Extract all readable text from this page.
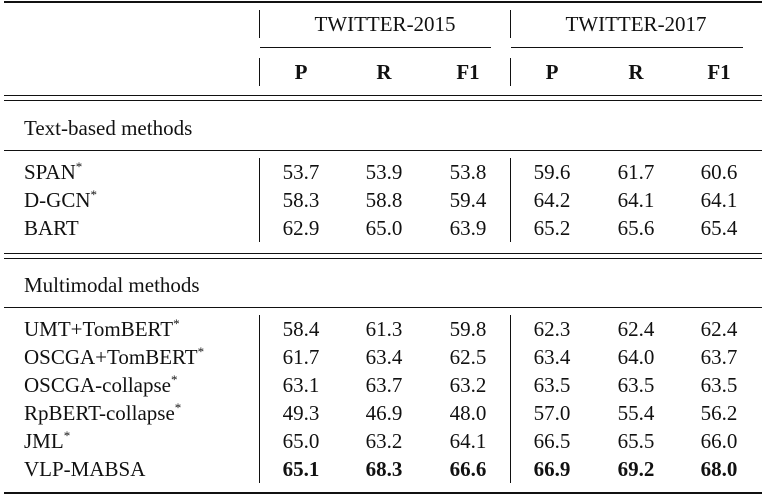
TWITTER-2015	TWITTER-2017
P	R	F1	P	R	F1
Text-based methods
Multimodal methods
SPAN*	53.7 53.9 53.8 59.6 61.7 60.6
D-GCN*	58.3 58.8 59.4 64.2 64.1 64.1
BART	62.9 65.0 63.9 65.2 65.6 65.4
UMT+TomBERT*	58.4 61.3 59.8 62.3 62.4 62.4
OSCGA+TomBERT*	61.7 63.4 62.5 63.4 64.0 63.7
OSCGA-collapse*	63.1 63.7 63.2 63.5 63.5 63.5
RpBERT-collapse*	49.3 46.9 48.0 57.0 55.4 56.2
JML*	65.0 63.2 64.1 66.5 65.5 66.0
VLP-MABSA	65.1 68.3 66.6 66.9 69.2 68.0
